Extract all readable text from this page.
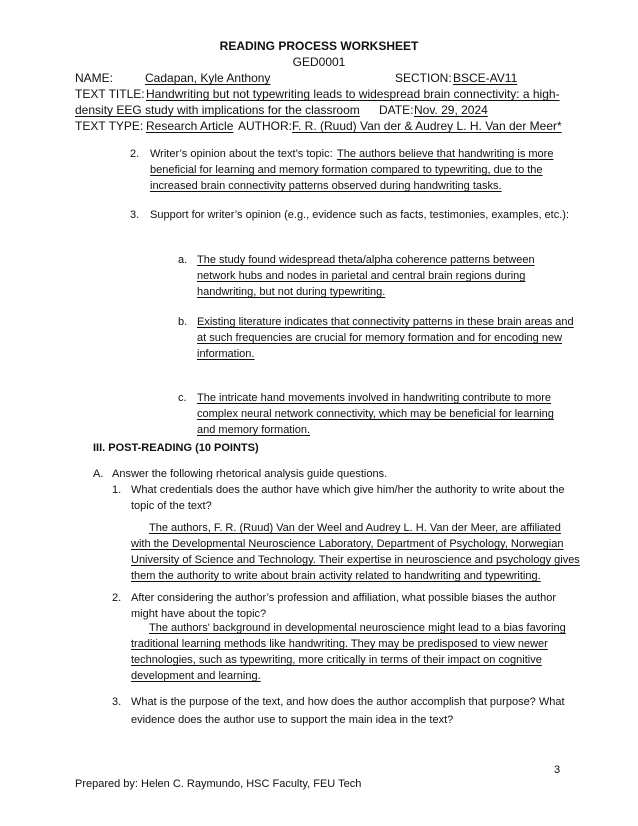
READING PROCESS WORKSHEET
GED0001
NAME:	Cadapan, Kyle Anthony	SECTION: BSCE-AV11
TEXT TITLE: Handwriting but not typewriting leads to widespread brain connectivity: a high-
density EEG study with implications for the classroom	DATE: Nov. 29, 2024
TEXT TYPE: Research Article AUTHOR: F. R. (Ruud) Van der & Audrey L. H. Van der Meer*
2. Writer’s opinion about the text’s topic: The authors believe that handwriting is more
beneficial for learning and memory formation compared to typewriting, due to the
increased brain connectivity patterns observed during handwriting tasks.
3. Support for writer’s opinion (e.g., evidence such as facts, testimonies, examples, etc.):
a. The study found widespread theta/alpha coherence patterns between
network hubs and nodes in parietal and central brain regions during
handwriting, but not during typewriting.
b. Existing literature indicates that connectivity patterns in these brain areas and
at such frequencies are crucial for memory formation and for encoding new
information.
c. The intricate hand movements involved in handwriting contribute to more
complex neural network connectivity, which may be beneficial for learning
and memory formation.
III. POST-READING (10 POINTS)
A. Answer the following rhetorical analysis guide questions.
1. What credentials does the author have which give him/her the authority to write about the
topic of the text?
The authors, F. R. (Ruud) Van der Weel and Audrey L. H. Van der Meer, are affiliated
with the Developmental Neuroscience Laboratory, Department of Psychology, Norwegian
University of Science and Technology. Their expertise in neuroscience and psychology gives
them the authority to write about brain activity related to handwriting and typewriting.
2. After considering the author’s profession and affiliation, what possible biases the author
might have about the topic?
The authors' background in developmental neuroscience might lead to a bias favoring
traditional learning methods like handwriting. They may be predisposed to view newer
technologies, such as typewriting, more critically in terms of their impact on cognitive
development and learning.
3. What is the purpose of the text, and how does the author accomplish that purpose? What
evidence does the author use to support the main idea in the text?
3
Prepared by: Helen C. Raymundo, HSC Faculty, FEU Tech
